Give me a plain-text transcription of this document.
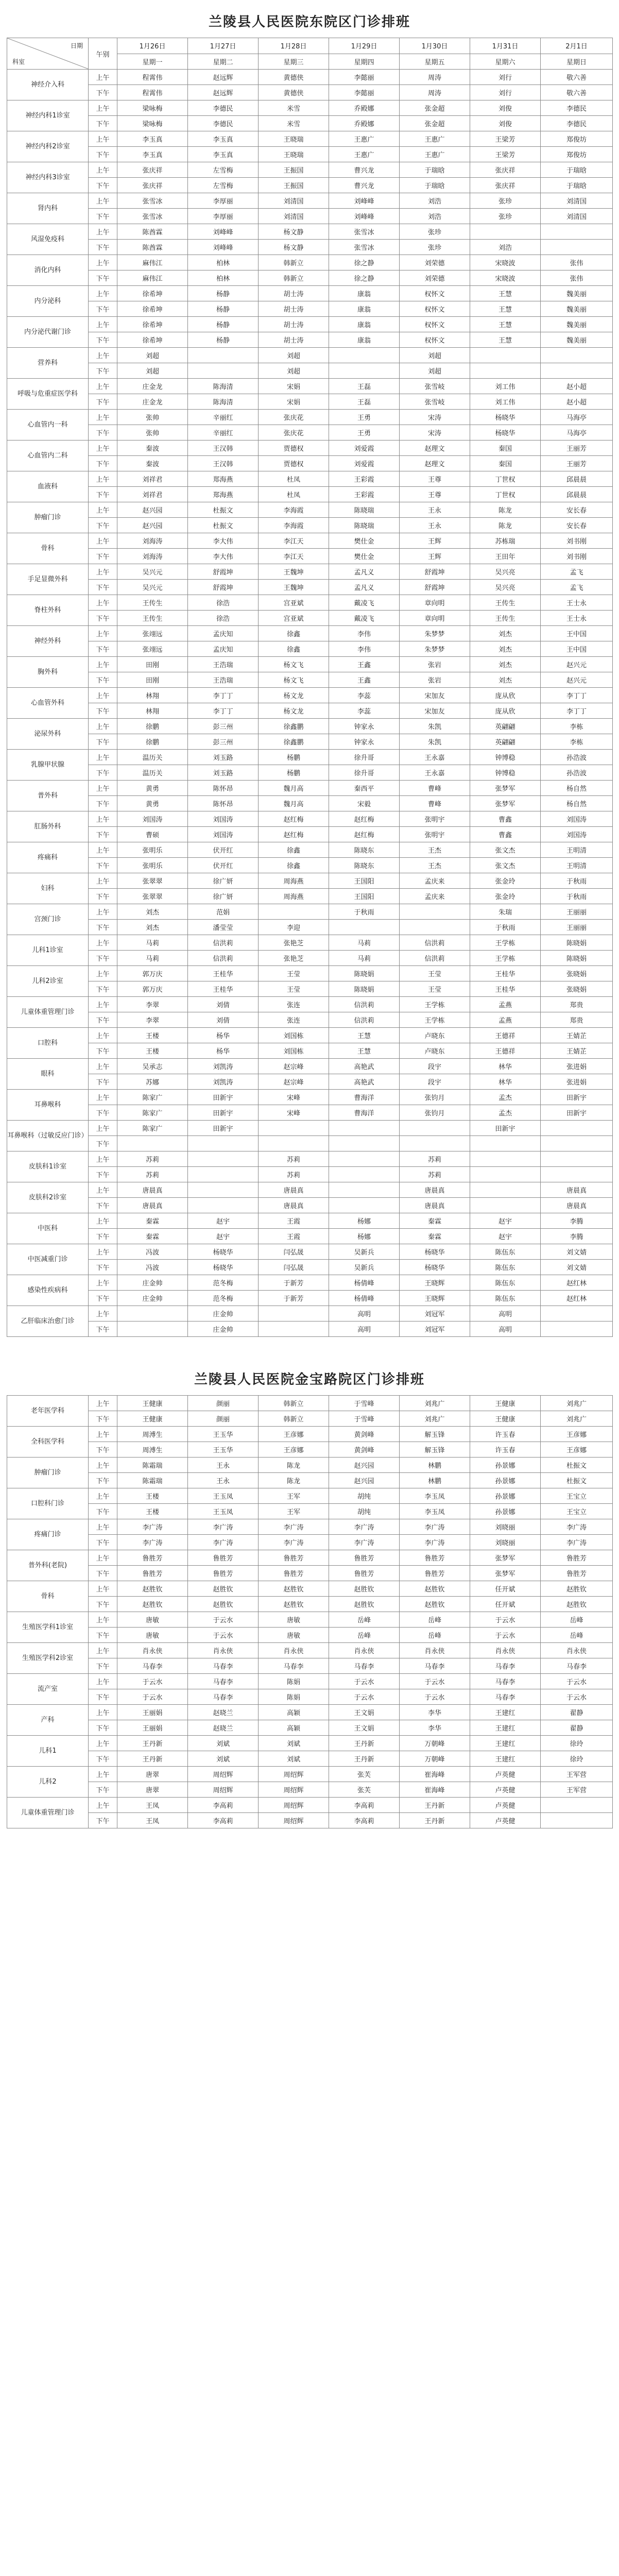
兰陵县人民医院东院区门诊排班
日期
科室	午别	1月26日	1月27日	1月28日	1月29日	1月30日	1月31日	2月1日
		星期一	星期二	星期三	星期四	星期五	星期六	星期日
神经介入科	上午	程霄伟	赵远辉	黄德侠	李懿丽	周涛	刘行	敬六善
	下午	程霄伟	赵远辉	黄德侠	李懿丽	周涛	刘行	敬六善
神经内科1诊室	上午	梁咏梅	李德民	米雪	乔殿娜	张金超	刘俊	李德民
	下午	梁咏梅	李德民	米雪	乔殿娜	张金超	刘俊	李德民
神经内科2诊室	上午	李玉真	李玉真	王晓瑞	王惠广	王惠广	王梁芳	郑俊坊
	下午	李玉真	李玉真	王晓瑞	王惠广	王惠广	王梁芳	郑俊坊
神经内科3诊室	上午	张庆祥	左雪梅	王振国	曹兴龙	于瑞晗	张庆祥	于瑞晗
	下午	张庆祥	左雪梅	王振国	曹兴龙	于瑞晗	张庆祥	于瑞晗
肾内科	上午	张雪冰	李厚丽	刘清国	刘峰峰	刘浩	张珍	刘清国
	下午	张雪冰	李厚丽	刘清国	刘峰峰	刘浩	张珍	刘清国
风湿免疫科	上午	陈酋霖	刘峰峰	杨文静	张雪冰	张珍		
	下午	陈酋霖	刘峰峰	杨文静	张雪冰	张珍	刘浩	
消化内科	上午	麻伟江	柏林	韩新立	徐之静	刘荣德	宋晓波	张伟
	下午	麻伟江	柏林	韩新立	徐之静	刘荣德	宋晓波	张伟
内分泌科	上午	徐希坤	杨静	胡士涛	康翁	权怀文	王慧	魏美丽
	下午	徐希坤	杨静	胡士涛	康翁	权怀文	王慧	魏美丽
内分泌代谢门诊	上午	徐希坤	杨静	胡士涛	康翁	权怀文	王慧	魏美丽
	下午	徐希坤	杨静	胡士涛	康翁	权怀文	王慧	魏美丽
营养科	上午	刘超		刘超		刘超		
	下午	刘超		刘超		刘超		
呼吸与危重症医学科	上午	庄金龙	陈海清	宋娟	王磊	张雪岐	刘工伟	赵小超
	下午	庄金龙	陈海清	宋娟	王磊	张雪岐	刘工伟	赵小超
心血管内一科	上午	张帅	辛丽红	张庆花	王勇	宋涛	杨晓华	马海亭
	下午	张帅	辛丽红	张庆花	王勇	宋涛	杨晓华	马海亭
心血管内二科	上午	秦波	王汉韩	贾德权	刘爱霞	赵理文	秦国	王丽芳
	下午	秦波	王汉韩	贾德权	刘爱霞	赵理文	秦国	王丽芳
血液科	上午	刘祥君	郑海燕	杜凤	王彩霞	王尊	丁世权	邱晨晨
	下午	刘祥君	郑海燕	杜凤	王彩霞	王尊	丁世权	邱晨晨
肿瘤门诊	上午	赵兴园	杜振文	李海霞	陈晓瑞	王永	陈龙	安长春
	下午	赵兴园	杜振文	李海霞	陈晓瑞	王永	陈龙	安长春
骨科	上午	刘海涛	李大伟	李江天	樊仕金	王辉	苏栋瑞	刘书刚
	下午	刘海涛	李大伟	李江天	樊仕金	王辉	王田年	刘书刚
手足显微外科	上午	吴兴元	舒霞坤	王魏坤	孟凡义	舒霞坤	吴兴亮	孟飞
	下午	吴兴元	舒霞坤	王魏坤	孟凡义	舒霞坤	吴兴亮	孟飞
脊柱外科	上午	王传生	徐浩	宫亚斌	戴凌飞	章向明	王传生	王士永
	下午	王传生	徐浩	宫亚斌	戴凌飞	章向明	王传生	王士永
神经外科	上午	张翊远	孟庆知	徐鑫	李伟	朱梦梦	刘杰	王中国
	下午	张翊远	孟庆知	徐鑫	李伟	朱梦梦	刘杰	王中国
胸外科	上午	田刚	王浩瑞	杨文飞	王鑫	张岩	刘杰	赵兴元
	下午	田刚	王浩瑞	杨文飞	王鑫	张岩	刘杰	赵兴元
心血管外科	上午	林翔	李丁丁	杨文龙	李蕊	宋加友	庞从欣	李丁丁
	下午	林翔	李丁丁	杨文龙	李蕊	宋加友	庞从欣	李丁丁
泌尿外科	上午	徐鹏	彭三州	徐鑫鹏	钟家永	朱凯	英翩翩	李栋
	下午	徐鹏	彭三州	徐鑫鹏	钟家永	朱凯	英翩翩	李栋
乳腺甲状腺	上午	温历关	刘玉路	杨鹏	徐升哥	王永嘉	钟博稳	孙浩波
	下午	温历关	刘玉路	杨鹏	徐升哥	王永嘉	钟博稳	孙浩波
普外科	上午	黄勇	陈怀昂	魏月高	秦西平	曹峰	张梦军	杨自然
	下午	黄勇	陈怀昂	魏月高	宋毅	曹峰	张梦军	杨自然
肛肠外科	上午	刘国涛	刘国涛	赵红梅	赵红梅	张明宇	曹鑫	刘国涛
	下午	曹硕	刘国涛	赵红梅	赵红梅	张明宇	曹鑫	刘国涛
疼痛科	上午	张明乐	伏开红	徐鑫	陈晓东	王杰	张文杰	王明清
	下午	张明乐	伏开红	徐鑫	陈晓东	王杰	张文杰	王明清
妇科	上午	张翠翠	徐广妍	周海燕	王国阳	孟庆来	张金玲	于秋雨
	下午	张翠翠	徐广妍	周海燕	王国阳	孟庆来	张金玲	于秋雨
宫颈门诊	上午	刘杰	范娟		于秋雨		朱瑞	王丽丽
	下午	刘杰	潘莹莹	李迎			于秋雨	王丽丽
儿科1诊室	上午	马莉	信洪莉	张艳芝	马莉	信洪莉	王学栋	陈晓娟
	下午	马莉	信洪莉	张艳芝	马莉	信洪莉	王学栋	陈晓娟
儿科2诊室	上午	郭万庆	王桂华	王莹	陈晓娟	王莹	王桂华	张晓娟
	下午	郭万庆	王桂华	王莹	陈晓娟	王莹	王桂华	张晓娟
儿童体重管理门诊	上午	李翠	刘倩	张连	信洪莉	王学栋	孟燕	郑贵
	下午	李翠	刘倩	张连	信洪莉	王学栋	孟燕	郑贵
口腔科	上午	王楼	杨华	刘国栋	王慧	卢晓东	王德祥	王婧芷
	下午	王楼	杨华	刘国栋	王慧	卢晓东	王德祥	王婧芷
眼科	上午	吴承志	刘凯涛	赵宗峰	高艳武	段宇	林华	张进娟
	下午	苏娜	刘凯涛	赵宗峰	高艳武	段宇	林华	张进娟
耳鼻喉科	上午	陈家广	田新宇	宋峰	曹海洋	张钧月	孟杰	田新宇
	下午	陈家广	田新宇	宋峰	曹海洋	张钧月	孟杰	田新宇
耳鼻喉科（过敏反应门诊）	上午	陈家广	田新宇				田新宇	
	下午							
皮肤科1诊室	上午	苏莉		苏莉		苏莉		
	下午	苏莉		苏莉		苏莉		
皮肤科2诊室	上午	唐晨真		唐晨真		唐晨真		唐晨真
	下午	唐晨真		唐晨真		唐晨真		唐晨真
中医科	上午	秦霖	赵宇	王霞	杨娜	秦霖	赵宇	李腾
	下午	秦霖	赵宇	王霞	杨娜	秦霖	赵宇	李腾
中医减重门诊	上午	冯波	杨晓华	闫弘晟	吴新兵	杨晓华	陈伍东	刘文婧
	下午	冯波	杨晓华	闫弘晟	吴新兵	杨晓华	陈伍东	刘文婧
感染性疾病科	上午	庄金帅	范冬梅	于新芳	杨倩峰	王晓辉	陈伍东	赵红林
	下午	庄金帅	范冬梅	于新芳	杨倩峰	王晓辉	陈伍东	赵红林
乙肝临床治愈门诊	上午		庄金帅		高明	刘冠军	高明	
	下午		庄金帅		高明	刘冠军	高明	
兰陵县人民医院金宝路院区门诊排班
老年医学科	上午	王健康	颜丽	韩新立	于雪峰	刘兆广	王健康	刘兆广
	下午	王健康	颜丽	韩新立	于雪峰	刘兆广	王健康	刘兆广
全科医学科	上午	周溥生	王玉华	王彦娜	黄剑峰	解玉锋	许玉春	王彦娜
	下午	周溥生	王玉华	王彦娜	黄剑峰	解玉锋	许玉春	王彦娜
肿瘤门诊	上午	陈霜瑞	王永	陈龙	赵兴园	林鹏	孙景娜	杜振文
	下午	陈霜瑞	王永	陈龙	赵兴园	林鹏	孙景娜	杜振文
口腔科门诊	上午	王楼	王玉凤	王军	胡纯	李玉凤	孙景娜	王宝立
	下午	王楼	王玉凤	王军	胡纯	李玉凤	孙景娜	王宝立
疼痛门诊	上午	李广涛	李广涛	李广涛	李广涛	李广涛	刘晓丽	李广涛
	下午	李广涛	李广涛	李广涛	李广涛	李广涛	刘晓丽	李广涛
普外科(老院)	上午	鲁胜芳	鲁胜芳	鲁胜芳	鲁胜芳	鲁胜芳	张梦军	鲁胜芳
	下午	鲁胜芳	鲁胜芳	鲁胜芳	鲁胜芳	鲁胜芳	张梦军	鲁胜芳
骨科	上午	赵胜钦	赵胜钦	赵胜钦	赵胜钦	赵胜钦	任开斌	赵胜钦
	下午	赵胜钦	赵胜钦	赵胜钦	赵胜钦	赵胜钦	任开斌	赵胜钦
生殖医学科1诊室	上午	唐敏	于云水	唐敏	岳峰	岳峰	于云水	岳峰
	下午	唐敏	于云水	唐敏	岳峰	岳峰	于云水	岳峰
生殖医学科2诊室	上午	肖永侠	肖永侠	肖永侠	肖永侠	肖永侠	肖永侠	肖永侠
	下午	马春李	马春李	马春李	马春李	马春李	马春李	马春李
流产室	上午	于云水	马春李	陈娟	于云水	于云水	马春李	于云水
	下午	于云水	马春李	陈娟	于云水	于云水	马春李	于云水
产科	上午	王丽娟	赵晓兰	高颖	王文娟	李华	王建红	翟静
	下午	王丽娟	赵晓兰	高颖	王文娟	李华	王建红	翟静
儿科1	上午	王丹新	刘斌	刘斌	王丹新	万朝峰	王建红	徐玲
	下午	王丹新	刘斌	刘斌	王丹新	万朝峰	王建红	徐玲
儿科2	上午	唐翠	周绍辉	周绍辉	张芙	崔海峰	卢英健	王军营
	下午	唐翠	周绍辉	周绍辉	张芙	崔海峰	卢英健	王军营
儿童体重管理门诊	上午	王凤	李高莉	周绍辉	李高莉	王丹新	卢英健	
	下午	王凤	李高莉	周绍辉	李高莉	王丹新	卢英健	
